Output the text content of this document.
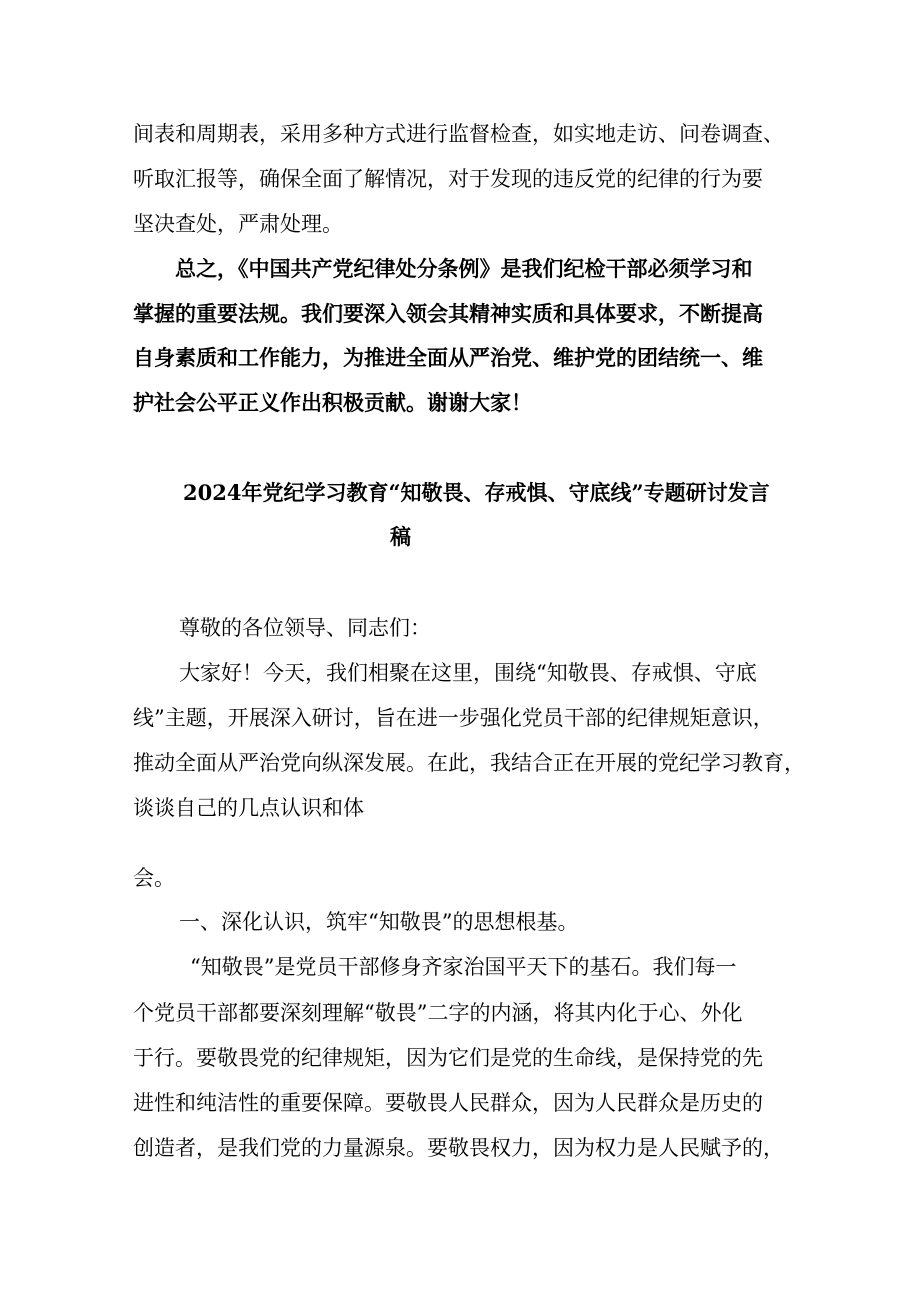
间表和周期表，采用多种方式进行监督检查，如实地走访、问卷调查、

听取汇报等，确保全面了解情况，对于发现的违反党的纪律的行为要

坚决查处，严肃处理。

总之，《中国共产党纪律处分条例》是我们纪检干部必须学习和

掌握的重要法规。我们要深入领会其精神实质和具体要求，不断提高

自身素质和工作能力，为推进全面从严治党、维护党的团结统一、维

护社会公平正义作出积极贡献。谢谢大家！

2024年党纪学习教育“知敬畏、存戒惧、守底线”专题研讨发言

稿

尊敬的各位领导、同志们：

大家好！今天，我们相聚在这里，围绕“知敬畏、存戒惧、守底

线”主题，开展深入研讨，旨在进一步强化党员干部的纪律规矩意识，

推动全面从严治党向纵深发展。在此，我结合正在开展的党纪学习教育，

谈谈自己的几点认识和体

会。

一、深化认识，筑牢“知敬畏”的思想根基。

“知敬畏”是党员干部修身齐家治国平天下的基石。我们每一

个党员干部都要深刻理解“敬畏”二字的内涵，将其内化于心、外化

于行。要敬畏党的纪律规矩，因为它们是党的生命线，是保持党的先

进性和纯洁性的重要保障。要敬畏人民群众，因为人民群众是历史的

创造者，是我们党的力量源泉。要敬畏权力，因为权力是人民赋予的，
